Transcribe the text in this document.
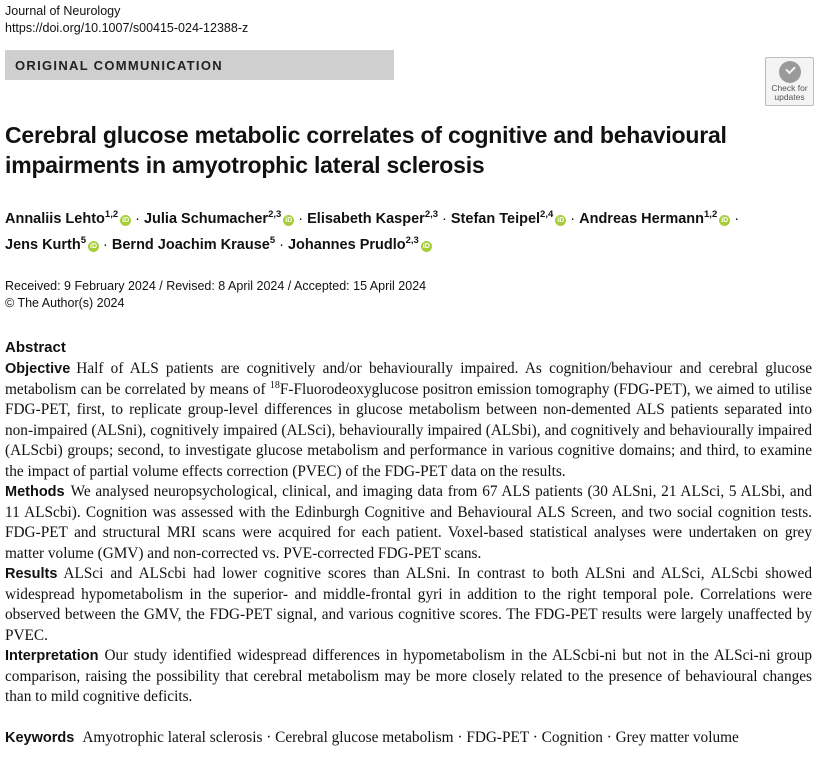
Journal of Neurology
https://doi.org/10.1007/s00415-024-12388-z
ORIGINAL COMMUNICATION
Check for
updates
Cerebral glucose metabolic correlates of cognitive and behavioural impairments in amyotrophic lateral sclerosis
Annaliis Lehto$^{1,2}$iD · Julia Schumacher$^{2,3}$iD · Elisabeth Kasper$^{2,3}$ · Stefan Teipel$^{2,4}$iD · Andreas Hermann$^{1,2}$iD ·
Jens Kurth$^5$iD · Bernd Joachim Krause$^5$ · Johannes Prudlo$^{2,3}$iD
Received: 9 February 2024 / Revised: 8 April 2024 / Accepted: 15 April 2024
© The Author(s) 2024
Abstract

Objective Half of ALS patients are cognitively and/or behaviourally impaired. As cognition/behaviour and cerebral glucose metabolism can be correlated by means of $^{18}$F-Fluorodeoxyglucose positron emission tomography (FDG-PET), we aimed to utilise FDG-PET, first, to replicate group-level differences in glucose metabolism between non-demented ALS patients separated into non-impaired (ALSni), cognitively impaired (ALSci), behaviourally impaired (ALSbi), and cognitively and behaviourally impaired (ALScbi) groups; second, to investigate glucose metabolism and performance in various cognitive domains; and third, to examine the impact of partial volume effects correction (PVEC) of the FDG-PET data on the results.

Methods We analysed neuropsychological, clinical, and imaging data from 67 ALS patients (30 ALSni, 21 ALSci, 5 ALSbi, and 11 ALScbi). Cognition was assessed with the Edinburgh Cognitive and Behavioural ALS Screen, and two social cognition tests. FDG-PET and structural MRI scans were acquired for each patient. Voxel-based statistical analyses were undertaken on grey matter volume (GMV) and non-corrected vs. PVE-corrected FDG-PET scans.

Results ALSci and ALScbi had lower cognitive scores than ALSni. In contrast to both ALSni and ALSci, ALScbi showed widespread hypometabolism in the superior- and middle-frontal gyri in addition to the right temporal pole. Correlations were observed between the GMV, the FDG-PET signal, and various cognitive scores. The FDG-PET results were largely unaffected by PVEC.

Interpretation Our study identified widespread differences in hypometabolism in the ALScbi-ni but not in the ALSci-ni group comparison, raising the possibility that cerebral metabolism may be more closely related to the presence of behavioural changes than to mild cognitive deficits.

Keywords Amyotrophic lateral sclerosis · Cerebral glucose metabolism · FDG-PET · Cognition · Grey matter volume
